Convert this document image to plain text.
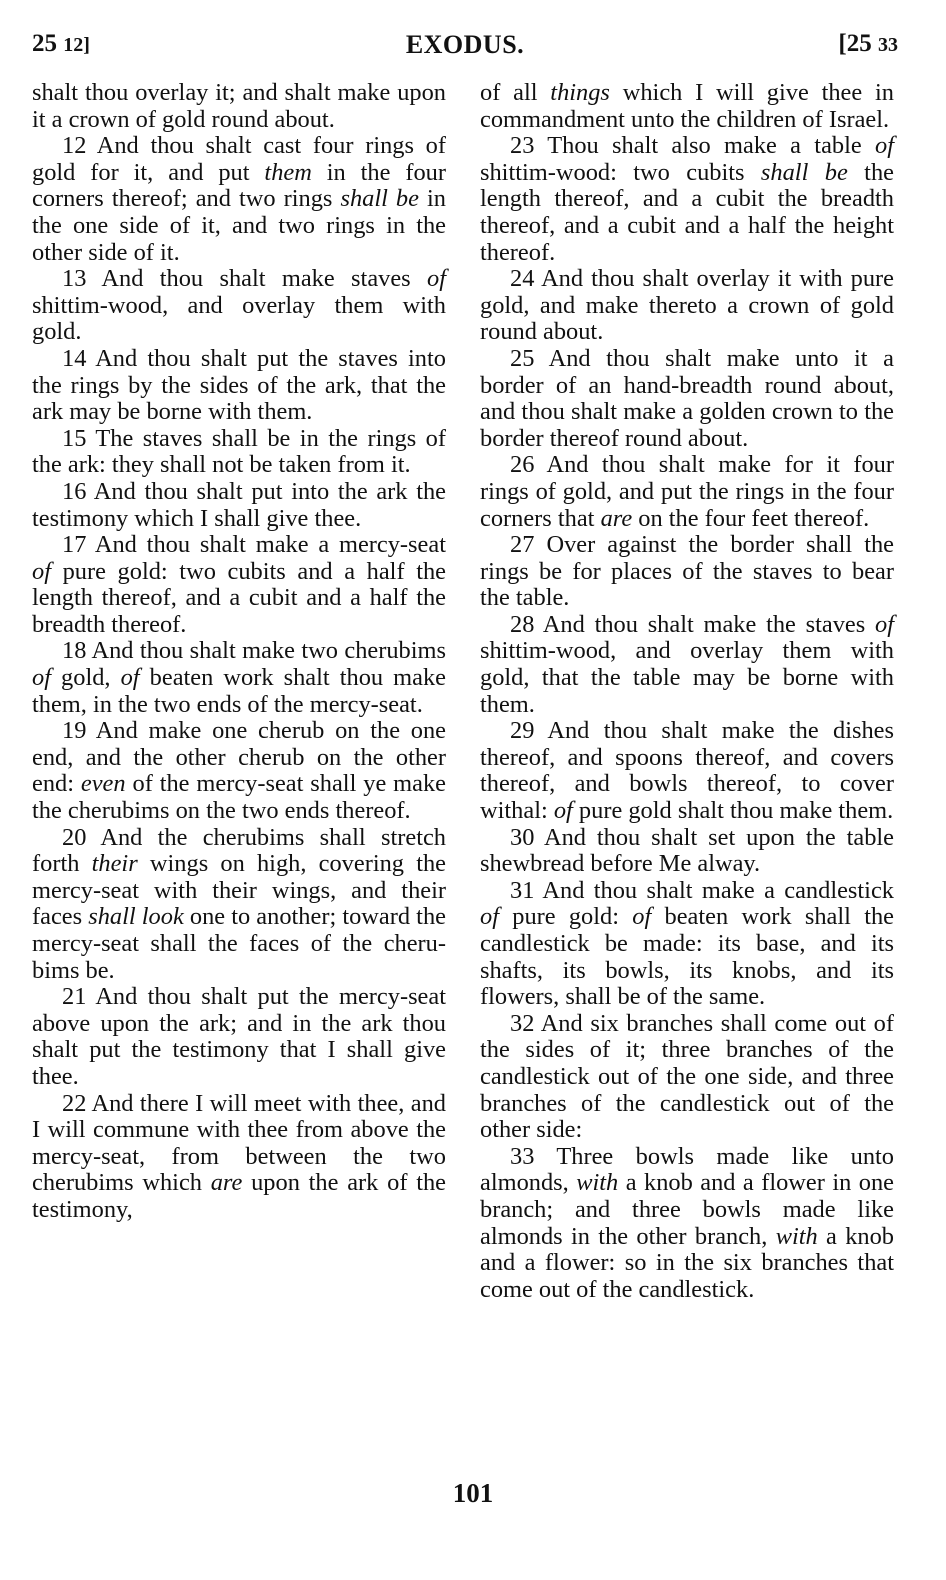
25 12]	EXODUS.	[25 33

shalt thou overlay it; and shalt make upon it a crown of gold round about.

12 And thou shalt cast four rings of gold for it, and put them in the four corners thereof; and two rings shall be in the one side of it, and two rings in the other side of it.

13 And thou shalt make staves of shittim-wood, and overlay them with gold.

14 And thou shalt put the staves into the rings by the sides of the ark, that the ark may be borne with them.

15 The staves shall be in the rings of the ark: they shall not be taken from it.

16 And thou shalt put into the ark the testimony which I shall give thee.

17 And thou shalt make a mercy-seat of pure gold: two cubits and a half the length thereof, and a cubit and a half the breadth thereof.

18 And thou shalt make two cherubims of gold, of beaten work shalt thou make them, in the two ends of the mercy-seat.

19 And make one cherub on the one end, and the other cherub on the other end: even of the mercy-seat shall ye make the cherubims on the two ends thereof.

20 And the cherubims shall stretch forth their wings on high, covering the mercy-seat with their wings, and their faces shall look one to another; toward the mercy-seat shall the faces of the cherubims be.

21 And thou shalt put the mercy-seat above upon the ark; and in the ark thou shalt put the testimony that I shall give thee.

22 And there I will meet with thee, and I will commune with thee from above the mercy-seat, from between the two cherubims which are upon the ark of the testimony,

of all things which I will give thee in commandment unto the children of Israel.

23 Thou shalt also make a table of shittim-wood: two cubits shall be the length thereof, and a cubit the breadth thereof, and a cubit and a half the height thereof.

24 And thou shalt overlay it with pure gold, and make thereto a crown of gold round about.

25 And thou shalt make unto it a border of an hand-breadth round about, and thou shalt make a golden crown to the border thereof round about.

26 And thou shalt make for it four rings of gold, and put the rings in the four corners that are on the four feet thereof.

27 Over against the border shall the rings be for places of the staves to bear the table.

28 And thou shalt make the staves of shittim-wood, and overlay them with gold, that the table may be borne with them.

29 And thou shalt make the dishes thereof, and spoons thereof, and covers thereof, and bowls thereof, to cover withal: of pure gold shalt thou make them.

30 And thou shalt set upon the table shewbread before Me alway.

31 And thou shalt make a candlestick of pure gold: of beaten work shall the candlestick be made: its base, and its shafts, its bowls, its knobs, and its flowers, shall be of the same.

32 And six branches shall come out of the sides of it; three branches of the candlestick out of the one side, and three branches of the candlestick out of the other side:

33 Three bowls made like unto almonds, with a knob and a flower in one branch; and three bowls made like almonds in the other branch, with a knob and a flower: so in the six branches that come out of the candlestick.

101
